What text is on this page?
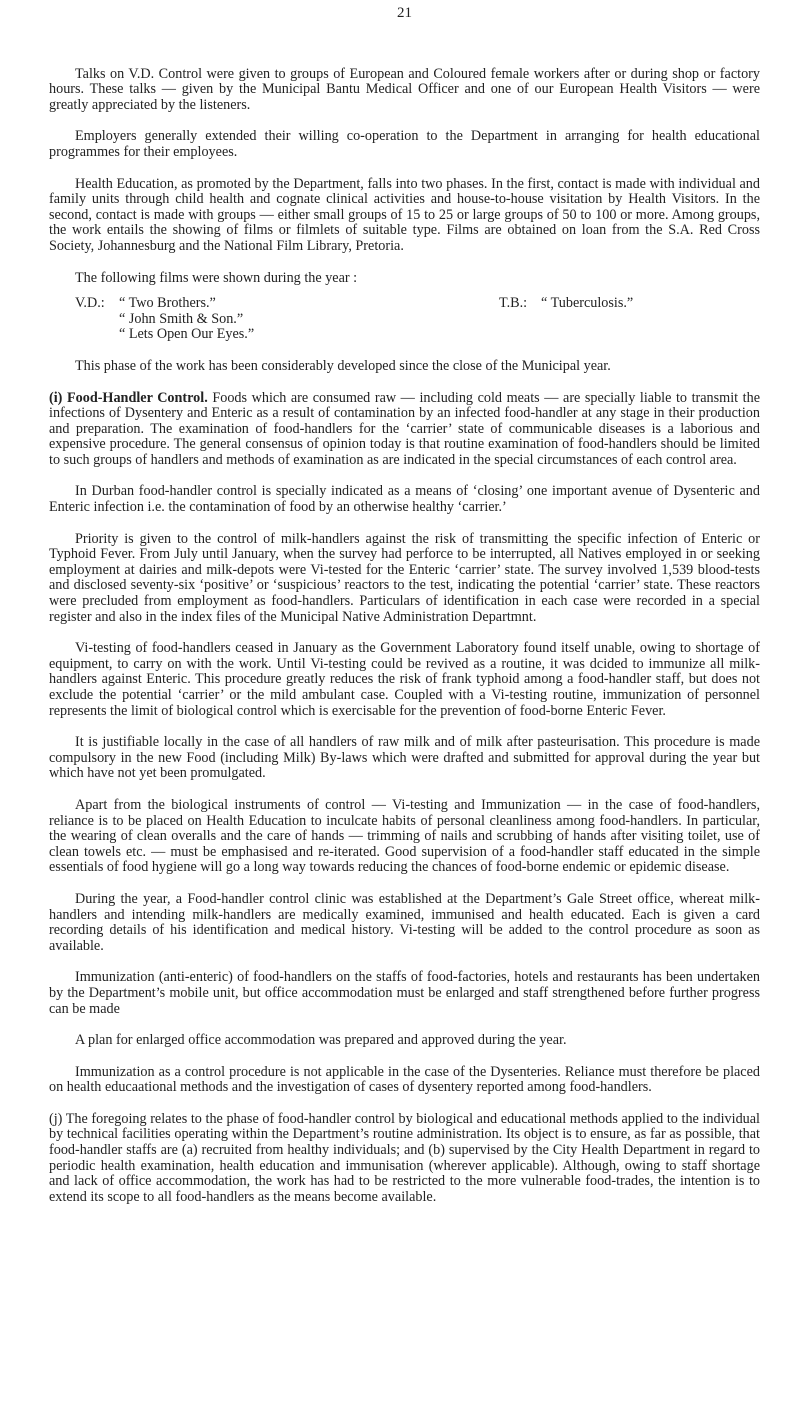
21

Talks on V.D. Control were given to groups of European and Coloured female workers after or during shop or factory hours. These talks — given by the Municipal Bantu Medical Officer and one of our European Health Visitors — were greatly appreciated by the listeners.

Employers generally extended their willing co-operation to the Department in arranging for health educational programmes for their employees.

Health Education, as promoted by the Department, falls into two phases. In the first, contact is made with individual and family units through child health and cognate clinical activities and house-to-house visitation by Health Visitors. In the second, contact is made with groups — either small groups of 15 to 25 or large groups of 50 to 100 or more. Among groups, the work entails the showing of films or filmlets of suitable type. Films are obtained on loan from the S.A. Red Cross Society, Johannesburg and the National Film Library, Pretoria.

The following films were shown during the year :
V.D.:	“ Two Brothers.”
“ John Smith & Son.”
“ Lets Open Our Eyes.”
T.B.: “ Tuberculosis.”

This phase of the work has been considerably developed since the close of the Municipal year.

(i) Food-Handler Control. Foods which are consumed raw — including cold meats — are specially liable to transmit the infections of Dysentery and Enteric as a result of contamination by an infected food-handler at any stage in their production and preparation. The examination of food-handlers for the ‘carrier’ state of communicable diseases is a laborious and expensive procedure. The general consensus of opinion today is that routine examination of food-handlers should be limited to such groups of handlers and methods of examination as are indicated in the special circumstances of each control area.

In Durban food-handler control is specially indicated as a means of ‘closing’ one important avenue of Dysenteric and Enteric infection i.e. the contamination of food by an otherwise healthy ‘carrier.’

Priority is given to the control of milk-handlers against the risk of transmitting the specific infection of Enteric or Typhoid Fever. From July until January, when the survey had perforce to be interrupted, all Natives employed in or seeking employment at dairies and milk-depots were Vi-tested for the Enteric ‘carrier’ state. The survey involved 1,539 blood-tests and disclosed seventy-six ‘positive’ or ‘suspicious’ reactors to the test, indicating the potential ‘carrier’ state. These reactors were precluded from employment as food-handlers. Particulars of identification in each case were recorded in a special register and also in the index files of the Municipal Native Administration Departmnt.

Vi-testing of food-handlers ceased in January as the Government Laboratory found itself unable, owing to shortage of equipment, to carry on with the work. Until Vi-testing could be revived as a routine, it was dcided to immunize all milk-handlers against Enteric. This procedure greatly reduces the risk of frank typhoid among a food-handler staff, but does not exclude the potential ‘carrier’ or the mild ambulant case. Coupled with a Vi-testing routine, immunization of personnel represents the limit of biological control which is exercisable for the prevention of food-borne Enteric Fever.

It is justifiable locally in the case of all handlers of raw milk and of milk after pasteurisation. This procedure is made compulsory in the new Food (including Milk) By-laws which were drafted and submitted for approval during the year but which have not yet been promulgated.

Apart from the biological instruments of control — Vi-testing and Immunization — in the case of food-handlers, reliance is to be placed on Health Education to inculcate habits of personal cleanliness among food-handlers. In particular, the wearing of clean overalls and the care of hands — trimming of nails and scrubbing of hands after visiting toilet, use of clean towels etc. — must be emphasised and re-iterated. Good supervision of a food-handler staff educated in the simple essentials of food hygiene will go a long way towards reducing the chances of food-borne endemic or epidemic disease.

During the year, a Food-handler control clinic was established at the Department’s Gale Street office, whereat milk-handlers and intending milk-handlers are medically examined, immunised and health educated. Each is given a card recording details of his identification and medical history. Vi-testing will be added to the control procedure as soon as available.

Immunization (anti-enteric) of food-handlers on the staffs of food-factories, hotels and restaurants has been undertaken by the Department’s mobile unit, but office accommodation must be enlarged and staff strengthened before further progress can be made

A plan for enlarged office accommodation was prepared and approved during the year.

Immunization as a control procedure is not applicable in the case of the Dysenteries. Reliance must therefore be placed on health educaational methods and the investigation of cases of dysentery reported among food-handlers.

(j) The foregoing relates to the phase of food-handler control by biological and educational methods applied to the individual by technical facilities operating within the Department’s routine administration. Its object is to ensure, as far as possible, that food-handler staffs are (a) recruited from healthy individuals; and (b) supervised by the City Health Department in regard to periodic health examination, health education and immunisation (wherever applicable). Although, owing to staff shortage and lack of office accommodation, the work has had to be restricted to the more vulnerable food-trades, the intention is to extend its scope to all food-handlers as the means become available.
